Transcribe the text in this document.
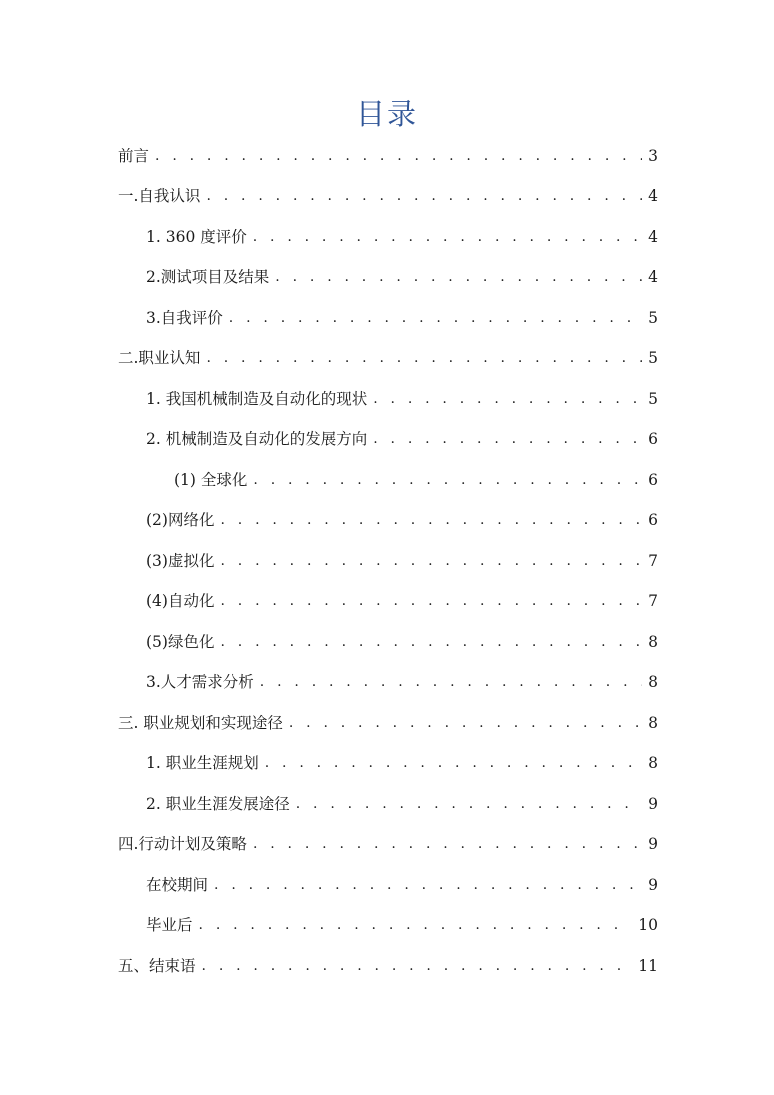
目录
前言 . . .	3
一.自我认识 . . .	4
1. 360 度评价 . . .	4
2.测试项目及结果 . . .	4
3.自我评价 . . .	5
二.职业认知 . . .	5
1. 我国机械制造及自动化的现状 . . .	5
2. 机械制造及自动化的发展方向 . . .	6
(1) 全球化 . . .	6
(2)网络化 . . .	6
(3)虚拟化 . . .	7
(4)自动化 . . .	7
(5)绿色化 . . .	8
3.人才需求分析 . . .	8
三. 职业规划和实现途径 . . .	8
1. 职业生涯规划 . . .	8
2. 职业生涯发展途径 . . .	9
四.行动计划及策略 . . .	9
在校期间 . . .	9
毕业后 . . .	10
五、结束语 . . .	11
